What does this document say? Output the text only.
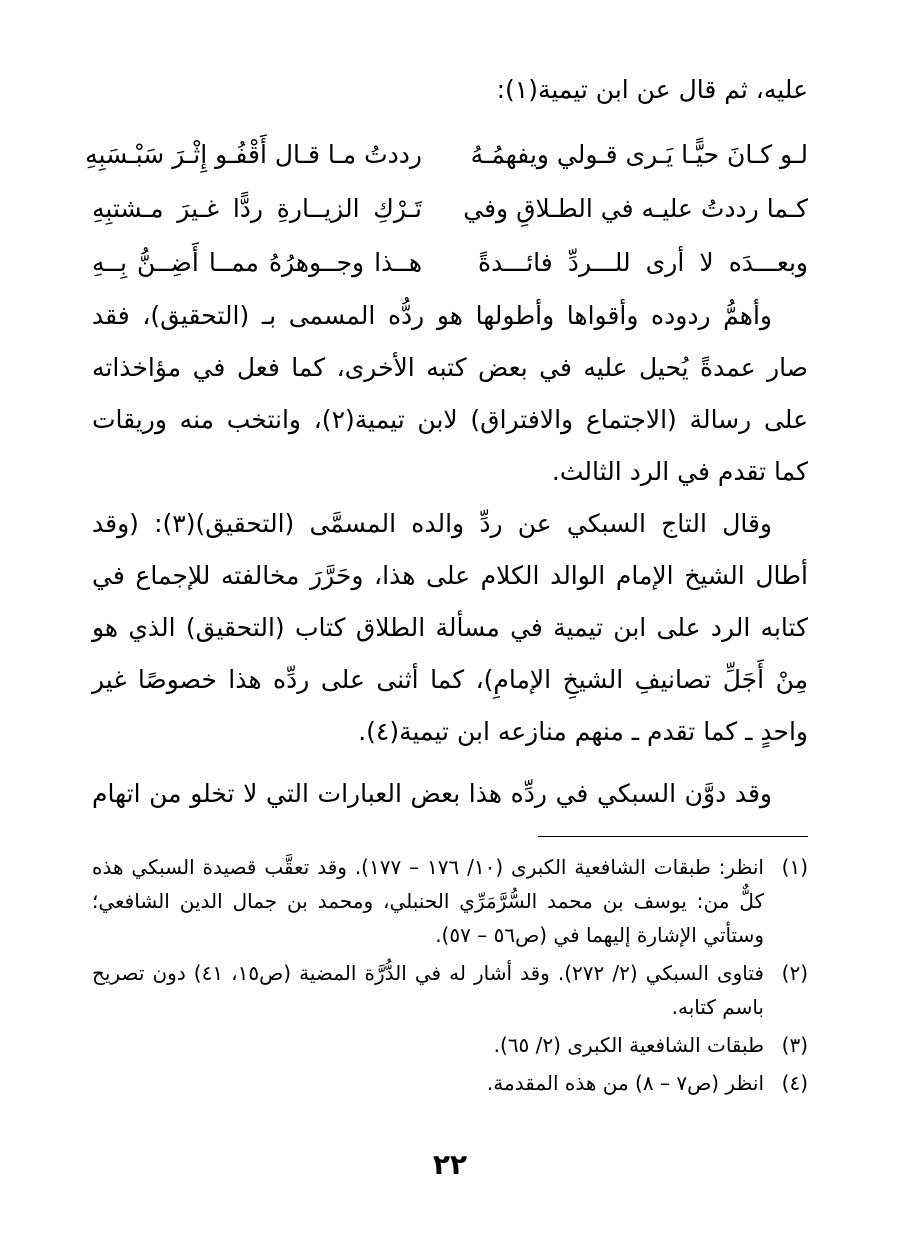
عليه، ثم قال عن ابن تيمية(١):

لـو كـانَ حيًّـا يَـرى قـولي ويفهمُـهُ
رددتُ مـا قـال أَقْفُـو إِثْـرَ سَبْـسَبِهِ
كـما رددتُ عليـه في الطـلاقِ وفي
تَـرْكِ الزيــارةِ ردًّا غـيرَ مـشتبِهِ
وبعـــدَه لا أرى للـــردِّ فائـــدةً
هــذا وجــوهرُهُ ممــا أَضِــنُّ بِــهِ

وأهمُّ ردوده وأقواها وأطولها هو ردُّه المسمى بـ (التحقيق)، فقد صار عمدةً يُحيل عليه في بعض كتبه الأخرى، كما فعل في مؤاخذاته على رسالة (الاجتماع والافتراق) لابن تيمية(٢)، وانتخب منه وريقات كما تقدم في الرد الثالث.

وقال التاج السبكي عن ردِّ والده المسمَّى (التحقيق)(٣): (وقد أطال الشيخ الإمام الوالد الكلام على هذا، وحَرَّرَ مخالفته للإجماع في كتابه الرد على ابن تيمية في مسألة الطلاق كتاب (التحقيق) الذي هو مِنْ أَجَلِّ تصانيفِ الشيخِ الإمامِ)، كما أثنى على ردِّه هذا خصوصًا غير واحدٍ ـ كما تقدم ـ منهم منازعه ابن تيمية(٤).

وقد دوَّن السبكي في ردِّه هذا بعض العبارات التي لا تخلو من اتهام

(١)
انظر: طبقات الشافعية الكبرى (١٠/ ١٧٦ – ١٧٧). وقد تعقَّب قصيدة السبكي هذه كلٌّ من: يوسف بن محمد السُّرَّمَرِّي الحنبلي، ومحمد بن جمال الدين الشافعي؛ وستأتي الإشارة إليهما في (ص٥٦ – ٥٧).
(٢)
فتاوى السبكي (٢/ ٢٧٢). وقد أشار له في الدُّرَّة المضية (ص١٥، ٤١) دون تصريح باسم كتابه.
(٣)
طبقات الشافعية الكبرى (٢/ ٦٥).
(٤)
انظر (ص٧ – ٨) من هذه المقدمة.
٢٢
